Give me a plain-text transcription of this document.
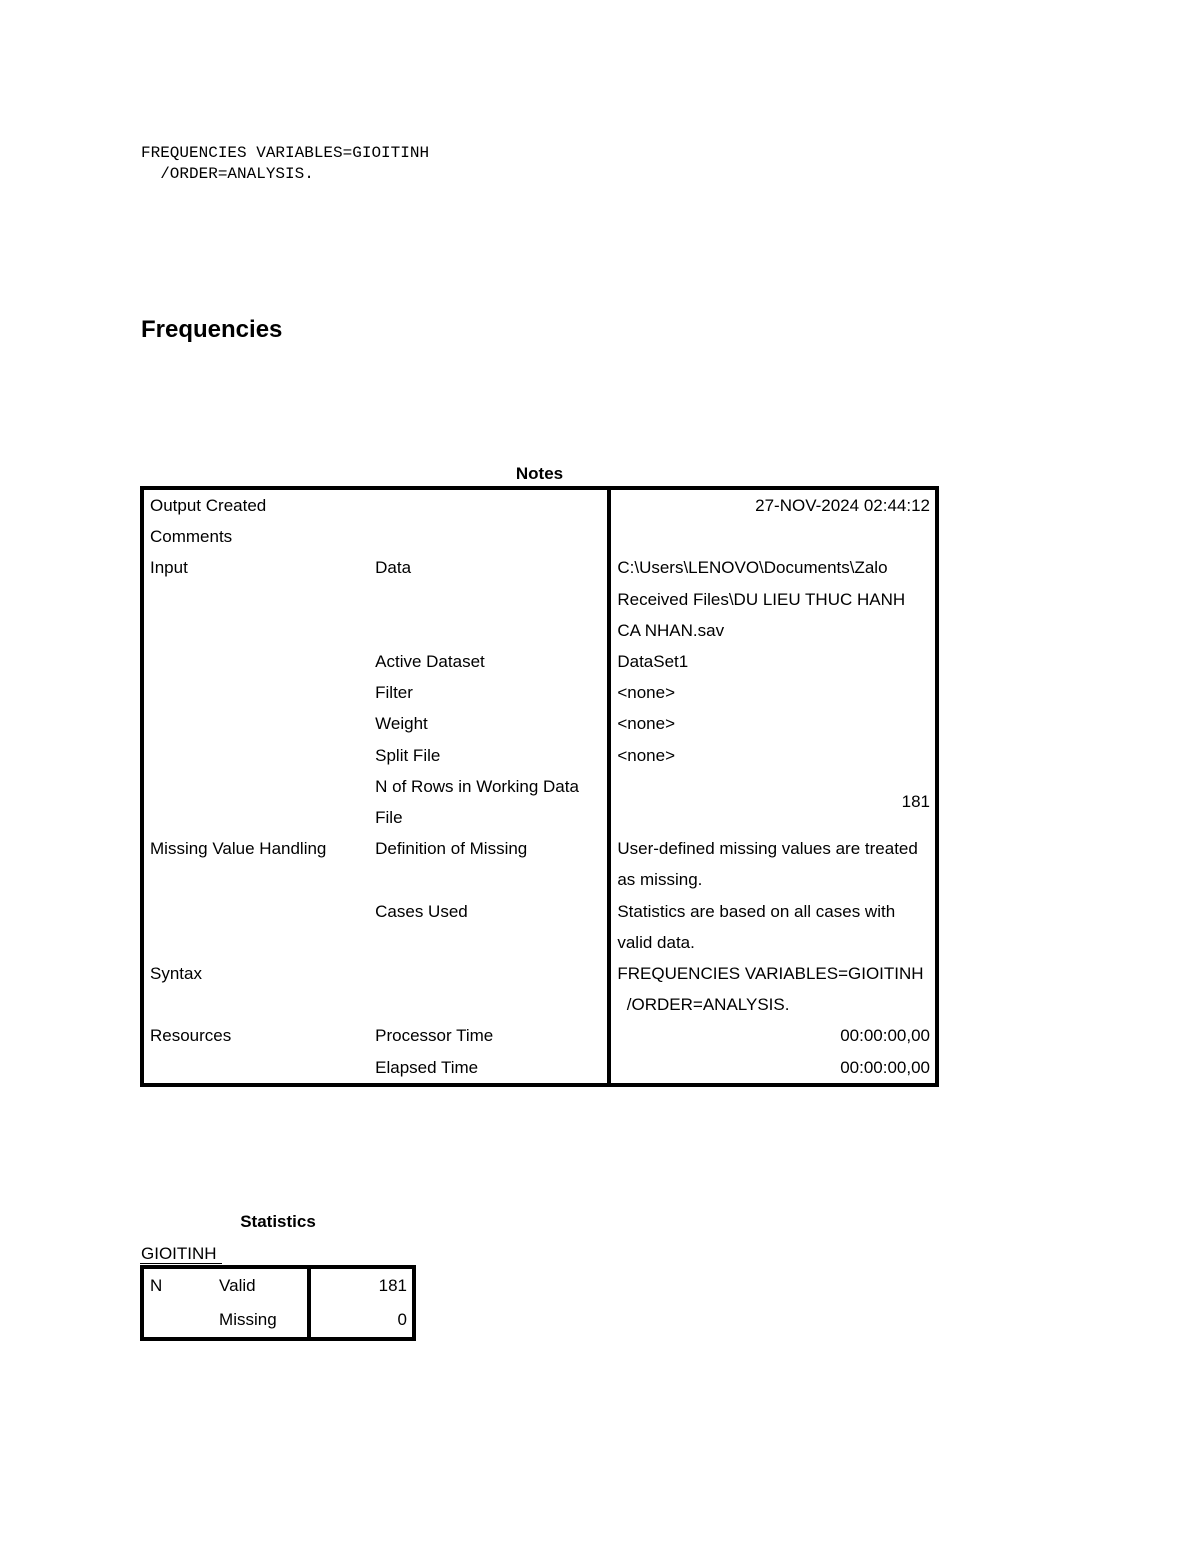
FREQUENCIES VARIABLES=GIOITINH
/ORDER=ANALYSIS.
Frequencies
Notes
Output Created		27-NOV-2024 02:44:12
Comments		
Input	Data	C:\Users\LENOVO\Documents\Zalo Received Files\DU LIEU THUC HANH CA NHAN.sav
	Active Dataset	DataSet1
	Filter	<none>
	Weight	<none>
	Split File	<none>
	N of Rows in Working Data File	181
Missing Value Handling	Definition of Missing	User-defined missing values are treated as missing.
	Cases Used	Statistics are based on all cases with valid data.
Syntax		FREQUENCIES VARIABLES=GIOITINH
/ORDER=ANALYSIS.
Resources	Processor Time	00:00:00,00
	Elapsed Time	00:00:00,00
Statistics
GIOITINH
N	Valid	181
	Missing	0
